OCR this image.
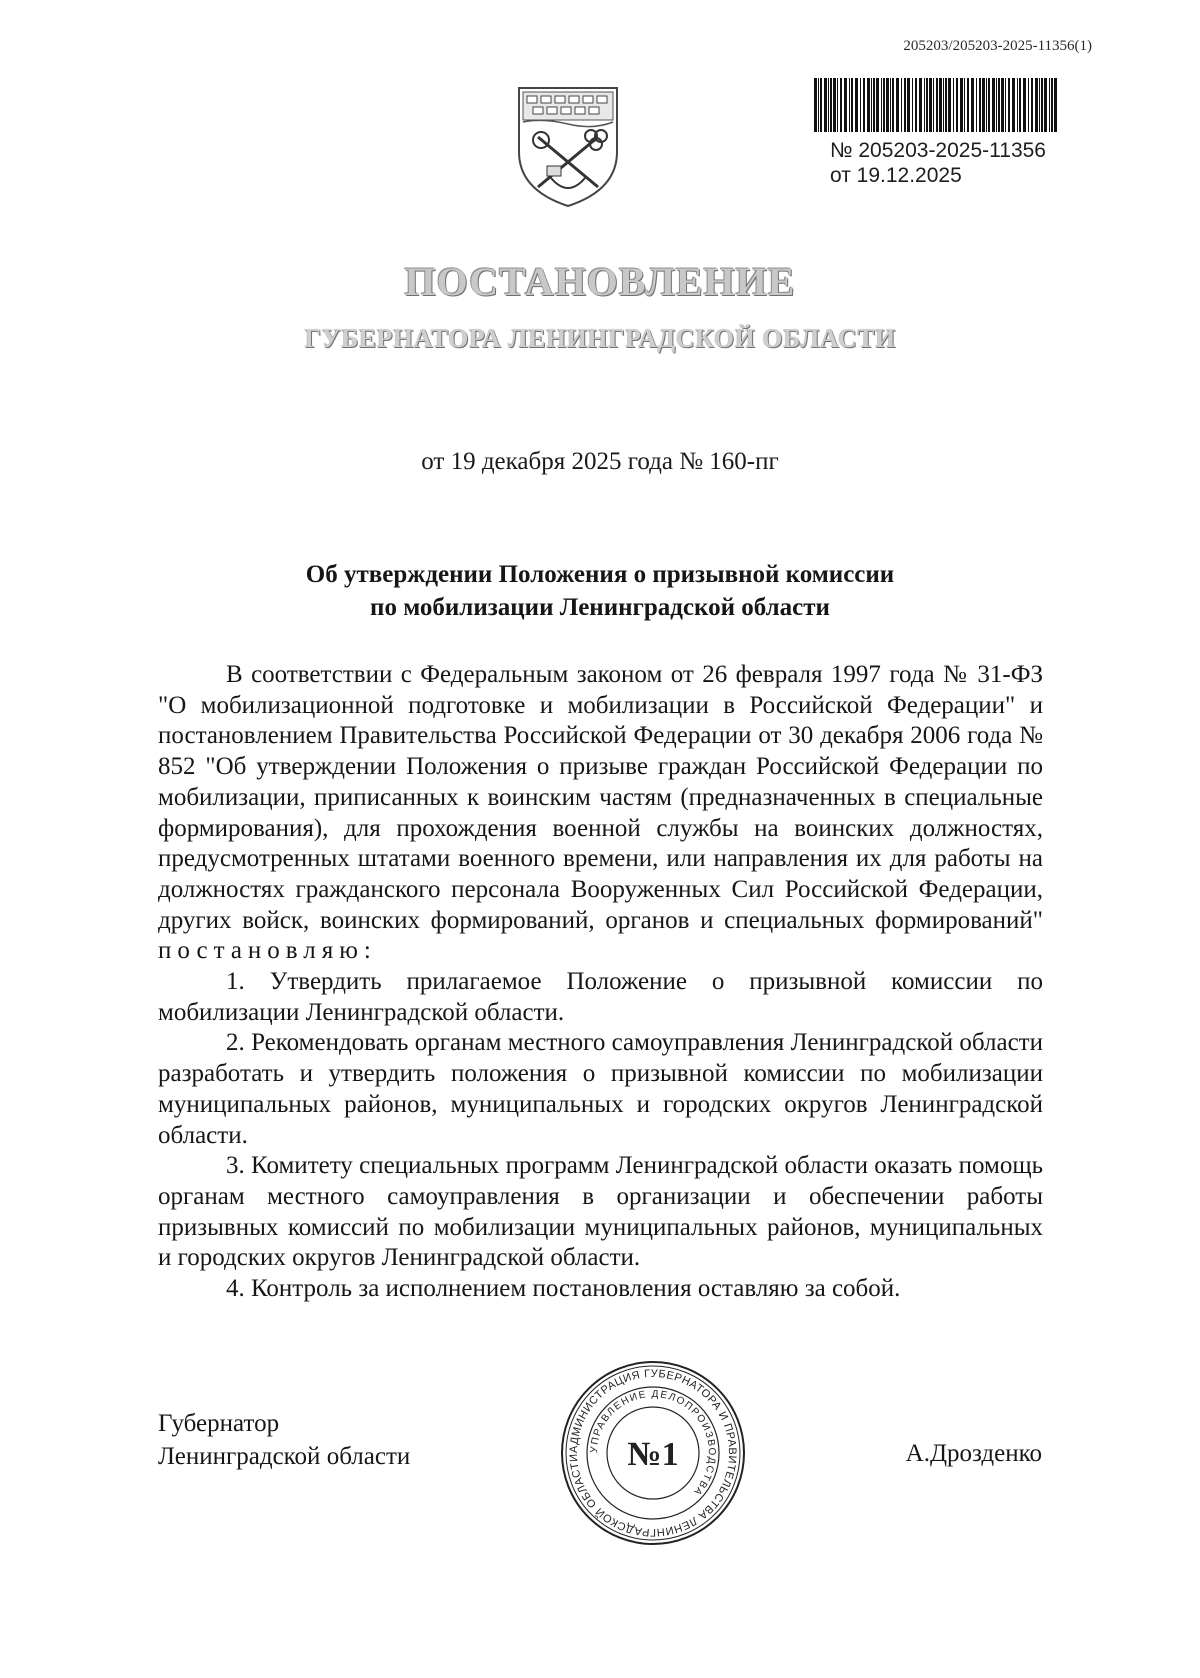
205203/205203-2025-11356(1)
№ 205203-2025-11356
от 19.12.2025
ПОСТАНОВЛЕНИЕ
ГУБЕРНАТОРА ЛЕНИНГРАДСКОЙ ОБЛАСТИ
от 19 декабря 2025 года № 160-пг
Об утверждении Положения о призывной комиссии
по мобилизации Ленинградской области

В соответствии с Федеральным законом от 26 февраля 1997 года № 31-ФЗ "О мобилизационной подготовке и мобилизации в Российской Федерации" и постановлением Правительства Российской Федерации от 30 декабря 2006 года № 852 "Об утверждении Положения о призыве граждан Российской Федерации по мобилизации, приписанных к воинским частям (предназначенных в специальные формирования), для прохождения военной службы на воинских должностях, предусмотренных штатами военного времени, или направления их для работы на должностях гражданского персонала Вооруженных Сил Российской Федерации, других войск, воинских формирований, органов и специальных формирований" постановляю:

1. Утвердить прилагаемое Положение о призывной комиссии по мобилизации Ленинградской области.

2. Рекомендовать органам местного самоуправления Ленинградской области разработать и утвердить положения о призывной комиссии по мобилизации муниципальных районов, муниципальных и городских округов Ленинградской области.

3. Комитету специальных программ Ленинградской области оказать помощь органам местного самоуправления в организации и обеспечении работы призывных комиссий по мобилизации муниципальных районов, муниципальных и городских округов Ленинградской области.

4. Контроль за исполнением постановления оставляю за собой.

Губернатор
Ленинградской области	АДМИНИСТРАЦИЯ ГУБЕРНАТОРА И ПРАВИТЕЛЬСТВА ЛЕНИНГРАДСКОЙ ОБЛАСТИ
УПРАВЛЕНИЕ ДЕЛОПРОИЗВОДСТВА
№1	А.Дрозденко
